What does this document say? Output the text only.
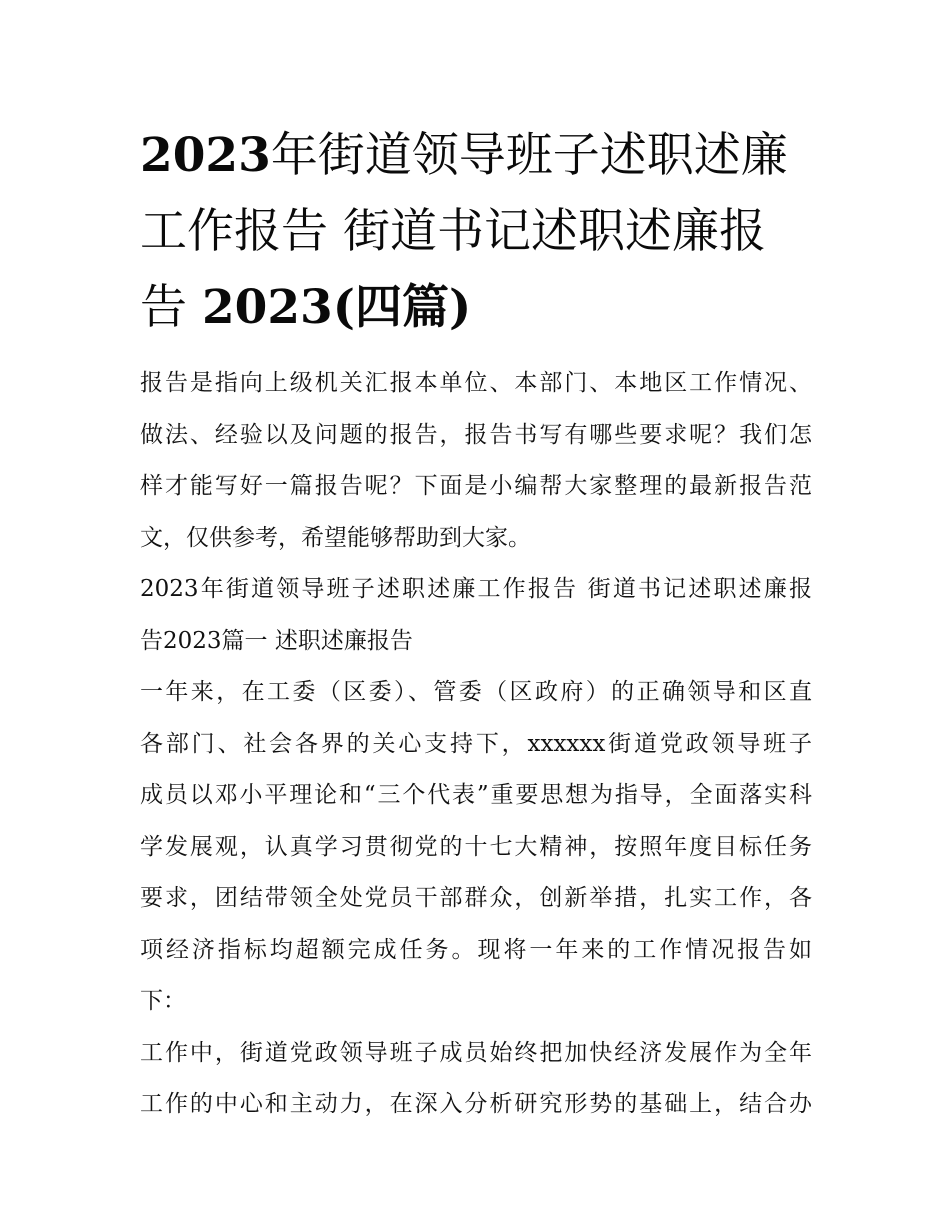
2023年街道领导班子述职述廉
工作报告 街道书记述职述廉报
告 2023(四篇)
报告是指向上级机关汇报本单位、本部门、本地区工作情况、
做法、经验以及问题的报告，报告书写有哪些要求呢？我们怎
样才能写好一篇报告呢？下面是小编帮大家整理的最新报告范
文，仅供参考，希望能够帮助到大家。
2023年街道领导班子述职述廉工作报告 街道书记述职述廉报
告2023篇一 述职述廉报告
一年来，在工委（区委）、管委（区政府）的正确领导和区直
各部门、社会各界的关心支持下，xxxxxx街道党政领导班子
成员以邓小平理论和“三个代表”重要思想为指导，全面落实科
学发展观，认真学习贯彻党的十七大精神，按照年度目标任务
要求，团结带领全处党员干部群众，创新举措，扎实工作，各
项经济指标均超额完成任务。现将一年来的工作情况报告如
下：
工作中，街道党政领导班子成员始终把加快经济发展作为全年
工作的中心和主动力，在深入分析研究形势的基础上，结合办
